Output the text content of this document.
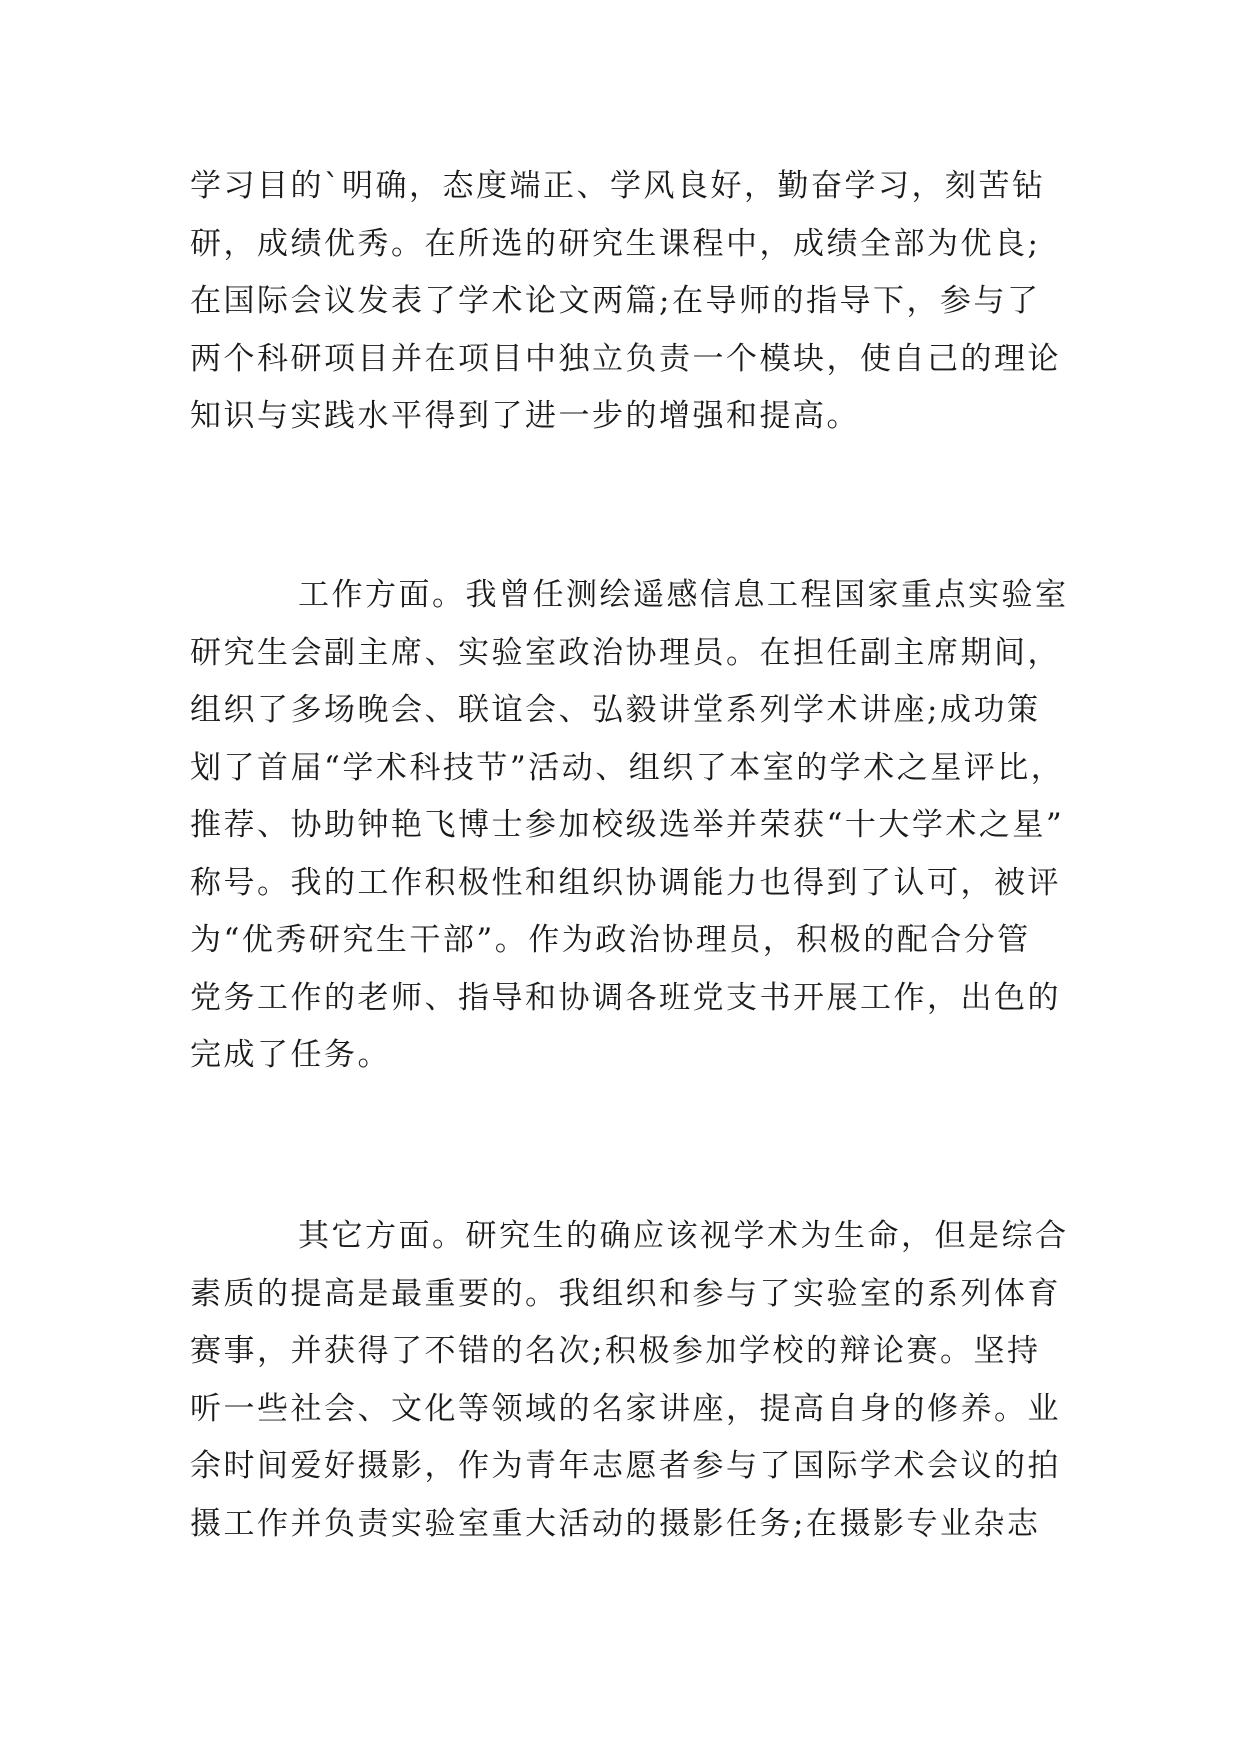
学习目的`明确，态度端正、学风良好，勤奋学习，刻苦钻
研，成绩优秀。在所选的研究生课程中，成绩全部为优良;
在国际会议发表了学术论文两篇;在导师的指导下，参与了
两个科研项目并在项目中独立负责一个模块，使自己的理论
知识与实践水平得到了进一步的增强和提高。
工作方面。我曾任测绘遥感信息工程国家重点实验室
研究生会副主席、实验室政治协理员。在担任副主席期间，
组织了多场晚会、联谊会、弘毅讲堂系列学术讲座;成功策
划了首届“学术科技节”活动、组织了本室的学术之星评比，
推荐、协助钟艳飞博士参加校级选举并荣获“十大学术之星”
称号。我的工作积极性和组织协调能力也得到了认可，被评
为“优秀研究生干部”。作为政治协理员，积极的配合分管
党务工作的老师、指导和协调各班党支书开展工作，出色的
完成了任务。
其它方面。研究生的确应该视学术为生命，但是综合
素质的提高是最重要的。我组织和参与了实验室的系列体育
赛事，并获得了不错的名次;积极参加学校的辩论赛。坚持
听一些社会、文化等领域的名家讲座，提高自身的修养。业
余时间爱好摄影，作为青年志愿者参与了国际学术会议的拍
摄工作并负责实验室重大活动的摄影任务;在摄影专业杂志
